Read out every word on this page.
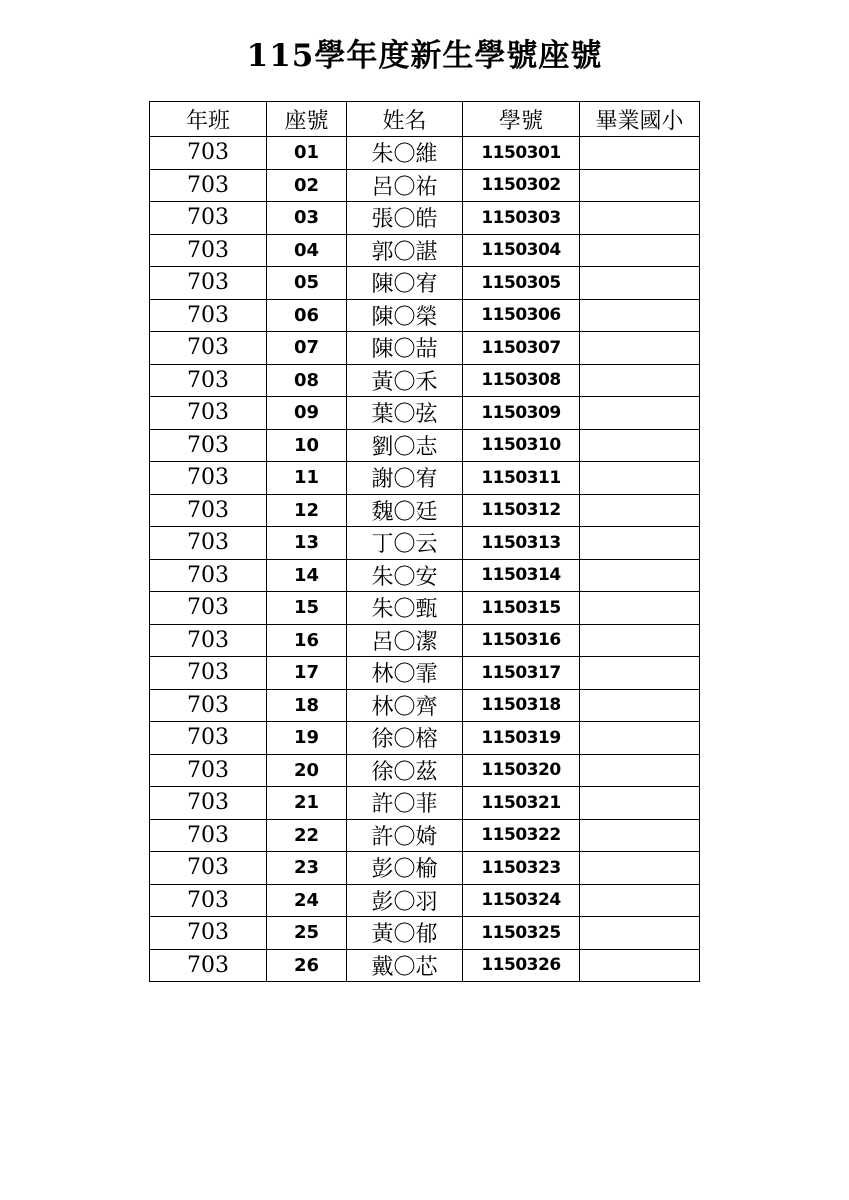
115學年度新生學號座號
年班	座號	姓名	學號	畢業國小
703	01	朱〇維	1150301	
703	02	呂〇祐	1150302	
703	03	張〇皓	1150303	
703	04	郭〇諶	1150304	
703	05	陳〇宥	1150305	
703	06	陳〇榮	1150306	
703	07	陳〇喆	1150307	
703	08	黃〇禾	1150308	
703	09	葉〇弦	1150309	
703	10	劉〇志	1150310	
703	11	謝〇宥	1150311	
703	12	魏〇廷	1150312	
703	13	丁〇云	1150313	
703	14	朱〇安	1150314	
703	15	朱〇甄	1150315	
703	16	呂〇潔	1150316	
703	17	林〇霏	1150317	
703	18	林〇齊	1150318	
703	19	徐〇榕	1150319	
703	20	徐〇茲	1150320	
703	21	許〇菲	1150321	
703	22	許〇婍	1150322	
703	23	彭〇榆	1150323	
703	24	彭〇羽	1150324	
703	25	黃〇郁	1150325	
703	26	戴〇芯	1150326	
